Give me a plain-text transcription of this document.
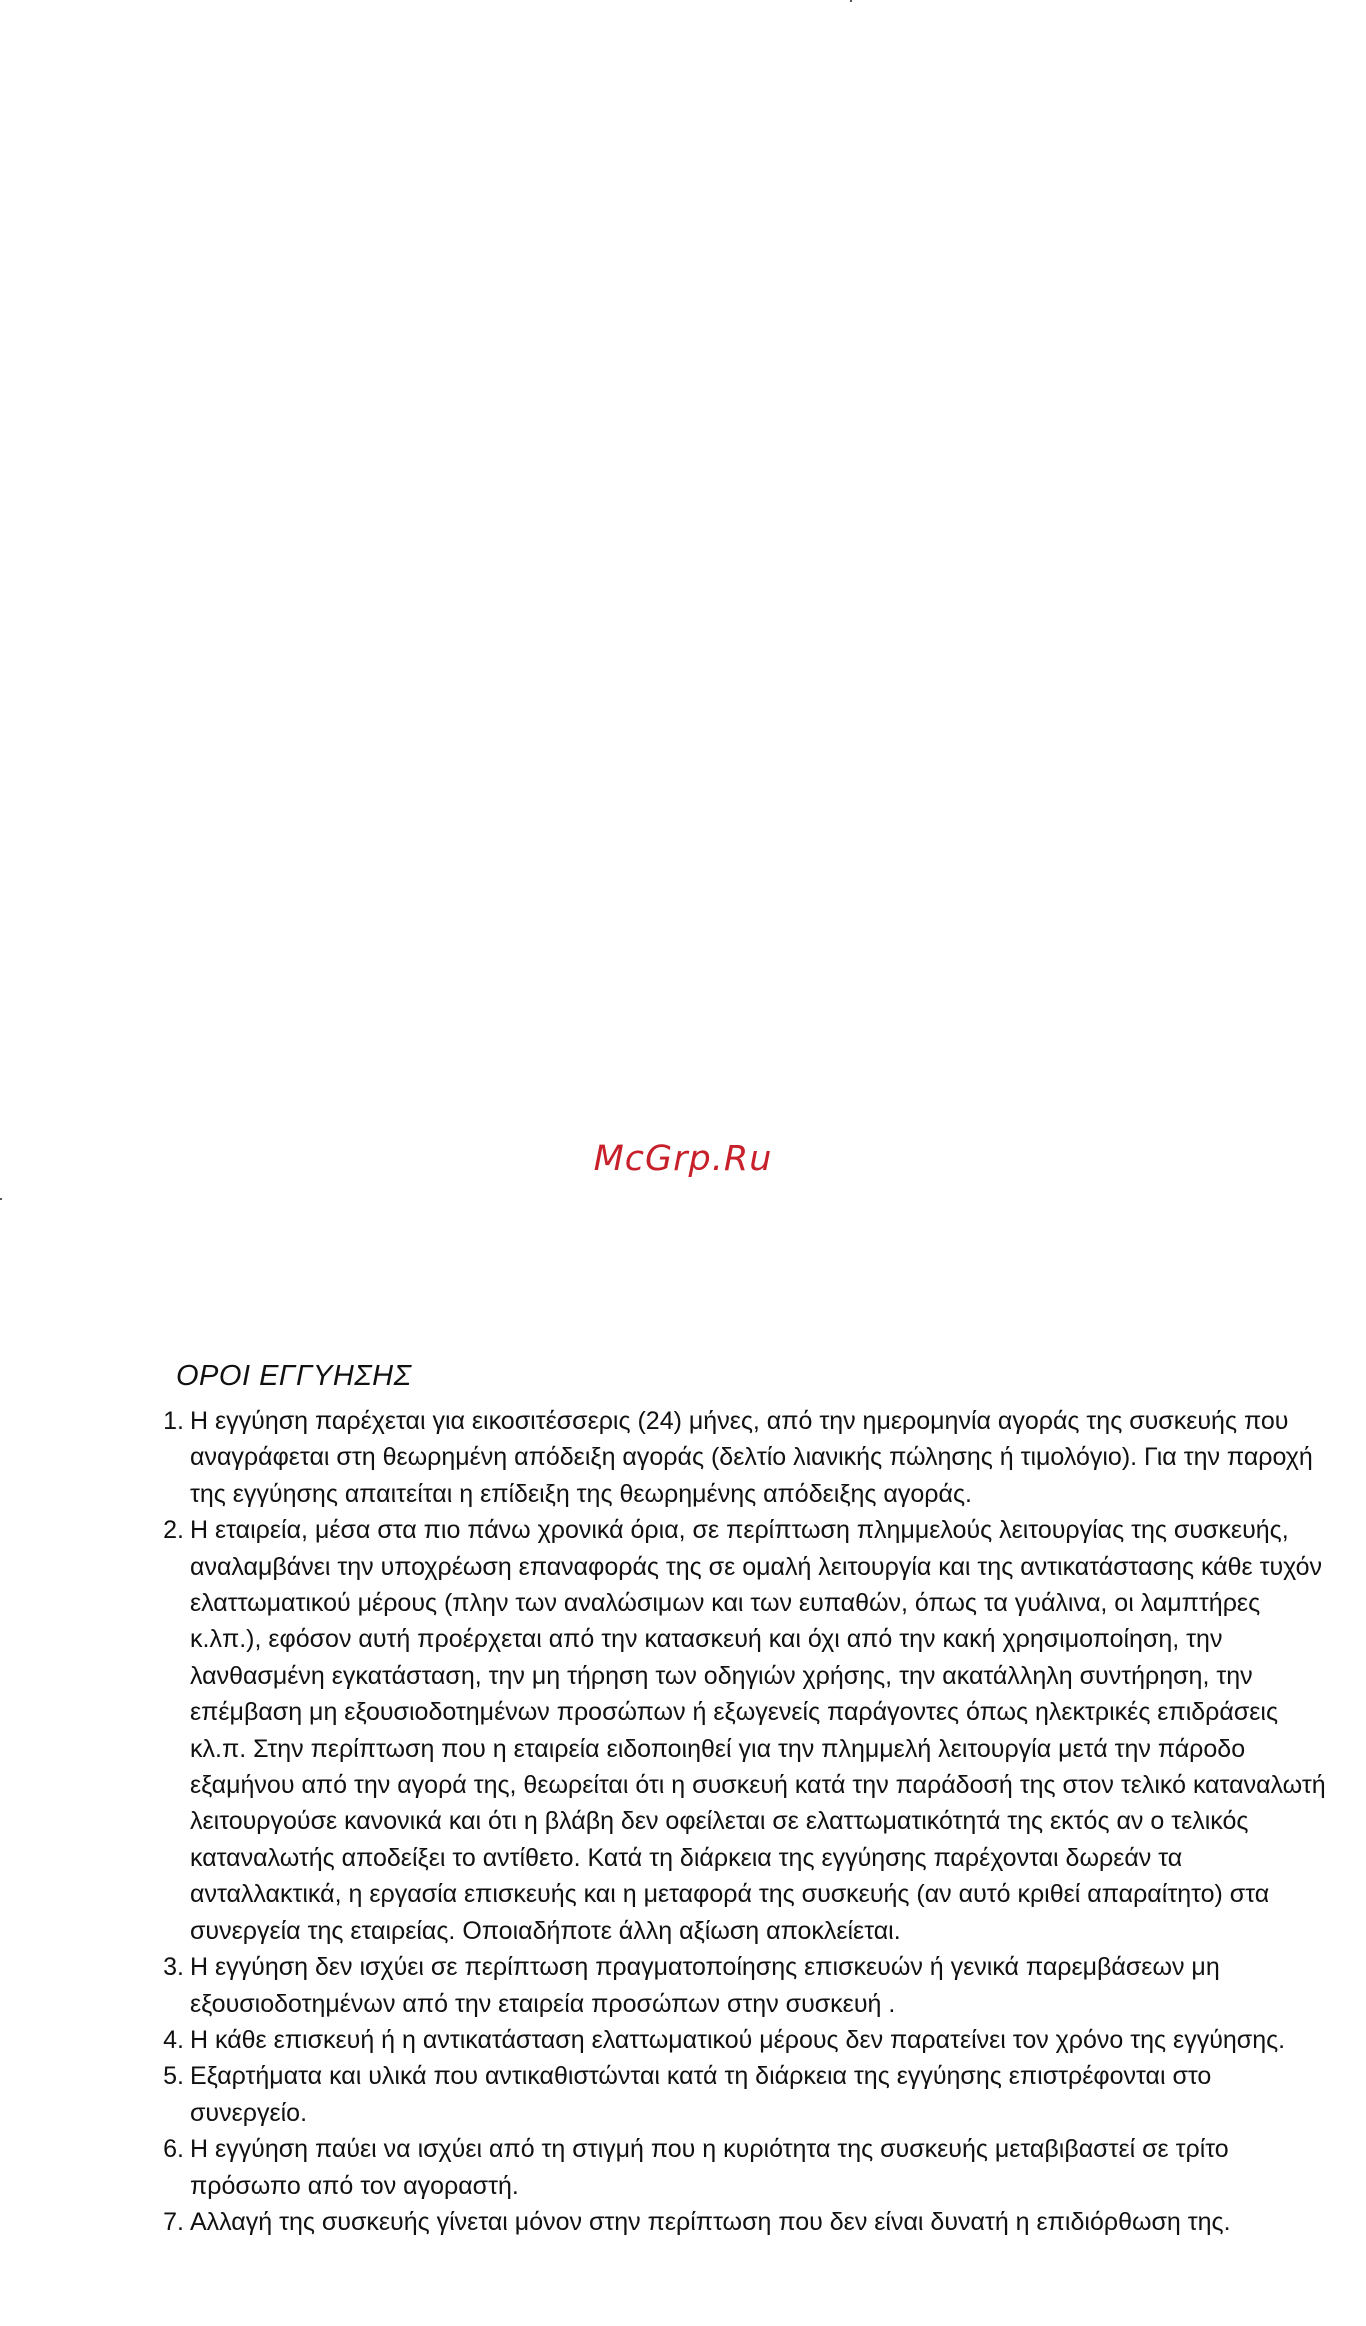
McGrp.Ru
ΟΡΟΙ ΕΓΓΥΗΣΗΣ
1. Η εγγύηση παρέχεται για εικοσιτέσσερις (24) μήνες, από την ημερομηνία αγοράς της συσκευής που αναγράφεται στη θεωρημένη απόδειξη αγοράς (δελτίο λιανικής πώλησης ή τιμολόγιο). Για την παροχή της εγγύησης απαιτείται η επίδειξη της θεωρημένης απόδειξης αγοράς.
2. Η εταιρεία, μέσα στα πιο πάνω χρονικά όρια, σε περίπτωση πλημμελούς λειτουργίας της συσκευής, αναλαμβάνει την υποχρέωση επαναφοράς της σε ομαλή λειτουργία και της αντικατάστασης κάθε τυχόν ελαττωματικού μέρους (πλην των αναλώσιμων και των ευπαθών, όπως τα γυάλινα, οι λαμπτήρες κ.λπ.), εφόσον αυτή προέρχεται από την κατασκευή και όχι από την κακή χρησιμοποίηση, την λανθασμένη εγκατάσταση, την μη τήρηση των οδηγιών χρήσης, την ακατάλληλη συντήρηση, την επέμβαση μη εξουσιοδοτημένων προσώπων ή εξωγενείς παράγοντες όπως ηλεκτρικές επιδράσεις κλ.π. Στην περίπτωση που η εταιρεία ειδοποιηθεί για την πλημμελή λειτουργία μετά την πάροδο εξαμήνου από την αγορά της, θεωρείται ότι η συσκευή κατά την παράδοσή της στον τελικό καταναλωτή λειτουργούσε κανονικά και ότι η βλάβη δεν οφείλεται σε ελαττωματικότητά της εκτός αν ο τελικός καταναλωτής αποδείξει το αντίθετο. Κατά τη διάρκεια της εγγύησης παρέχονται δωρεάν τα ανταλλακτικά, η εργασία επισκευής και η μεταφορά της συσκευής (αν αυτό κριθεί απαραίτητο) στα συνεργεία της εταιρείας. Οποιαδήποτε άλλη αξίωση αποκλείεται.
3. Η εγγύηση δεν ισχύει σε περίπτωση πραγματοποίησης επισκευών ή γενικά παρεμβάσεων μη εξουσιοδοτημένων από την εταιρεία προσώπων στην συσκευή .
4. Η κάθε επισκευή ή η αντικατάσταση ελαττωματικού μέρους δεν παρατείνει τον χρόνο της εγγύησης.
5. Εξαρτήματα και υλικά που αντικαθιστώνται κατά τη διάρκεια της εγγύησης επιστρέφονται στο συνεργείο.
6. Η εγγύηση παύει να ισχύει από τη στιγμή που η κυριότητα της συσκευής μεταβιβαστεί σε τρίτο πρόσωπο από τον αγοραστή.
7. Αλλαγή της συσκευής γίνεται μόνον στην περίπτωση που δεν είναι δυνατή η επιδιόρθωση της.
